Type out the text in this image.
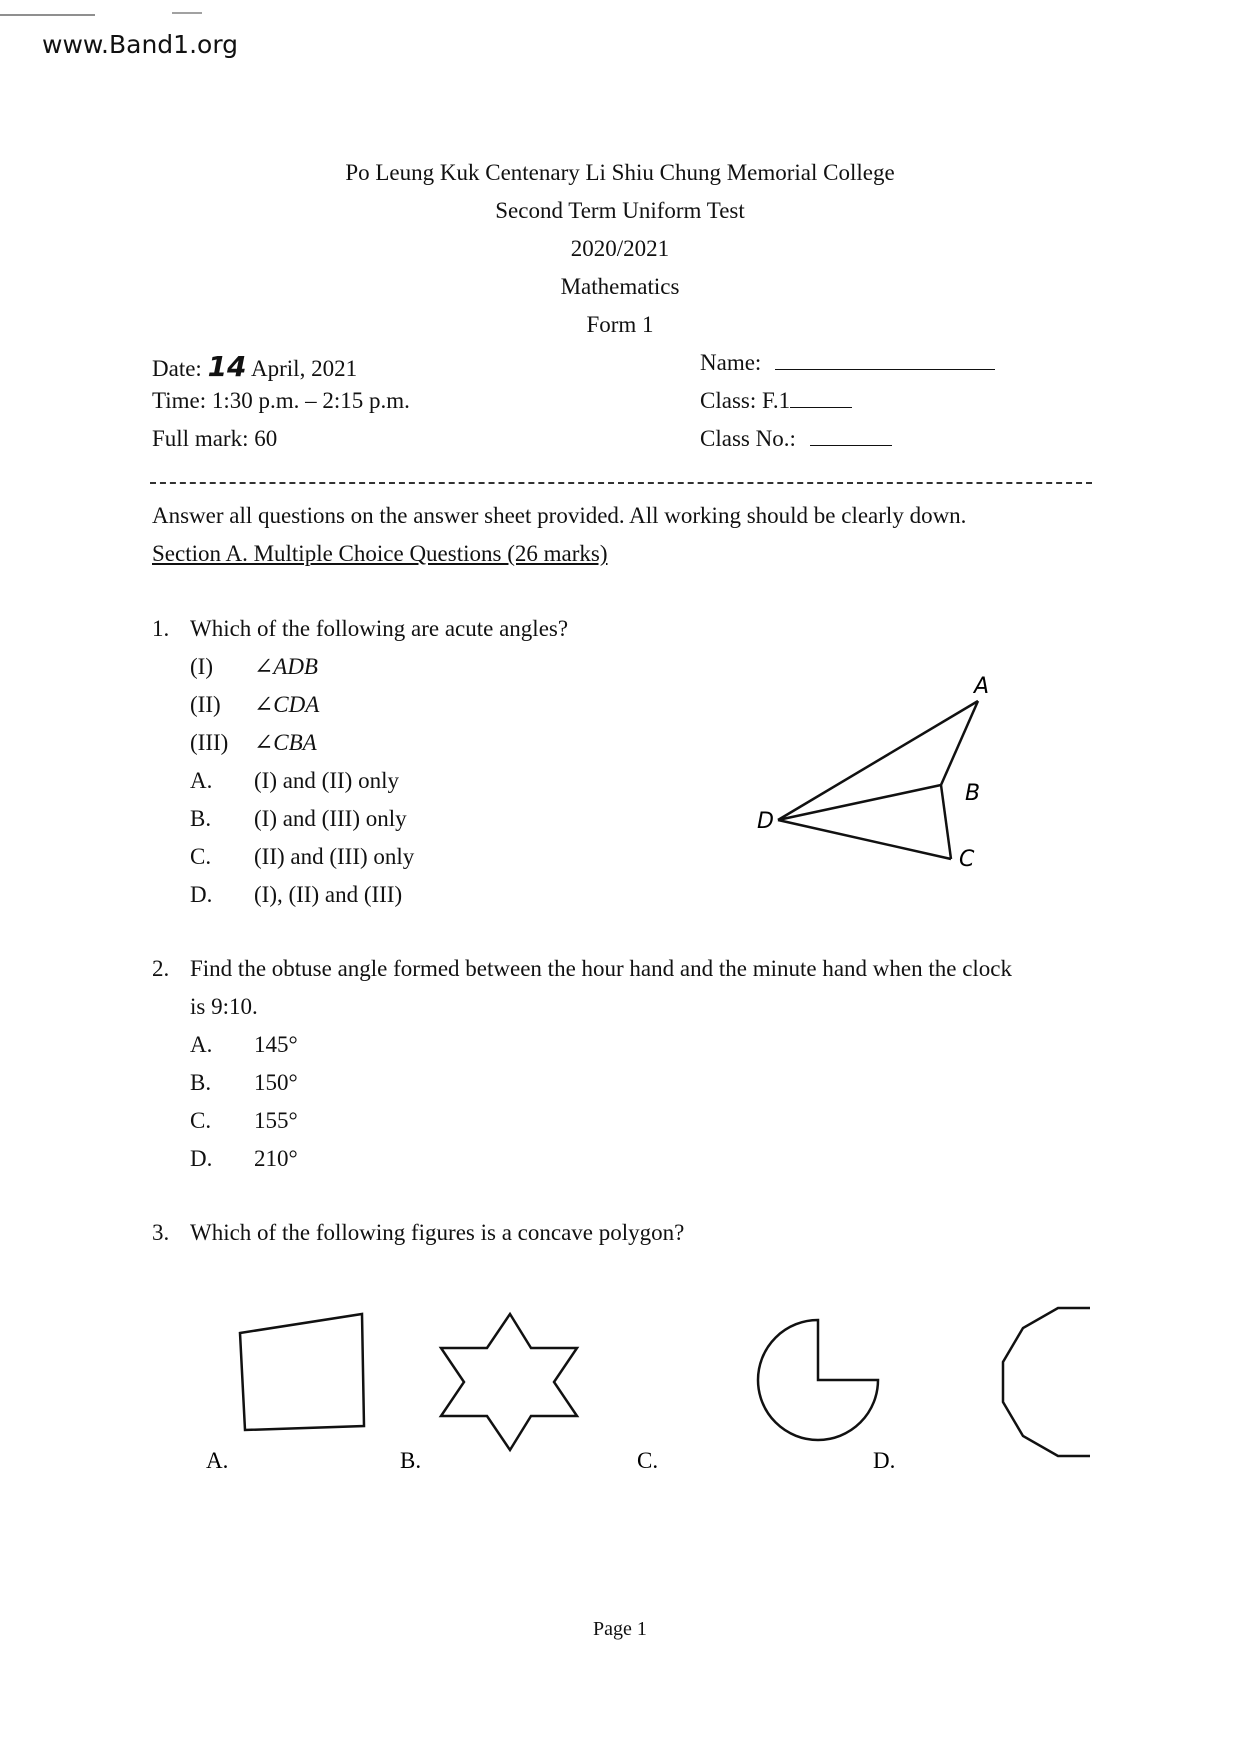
www.Band1.org
Po Leung Kuk Centenary Li Shiu Chung Memorial College
Second Term Uniform Test
2020/2021
Mathematics
Form 1
Date: 14 April, 2021
Time: 1:30 p.m. – 2:15 p.m.
Full mark: 60
Name:
Class: F.1
Class No.:
Answer all questions on the answer sheet provided. All working should be clearly down.
Section A. Multiple Choice Questions (26 marks)
1. Which of the following are acute angles?
(I) ∠ADB
(II) ∠CDA
(III) ∠CBA
A. (I) and (II) only
B. (I) and (III) only
C. (II) and (III) only
D. (I), (II) and (III)
A
B
C
D
2. Find the obtuse angle formed between the hour hand and the minute hand when the clock
is 9:10.
A. 145°
B. 150°
C. 155°
D. 210°
3. Which of the following figures is a concave polygon?
A.	B.	C.	D.
Page 1
